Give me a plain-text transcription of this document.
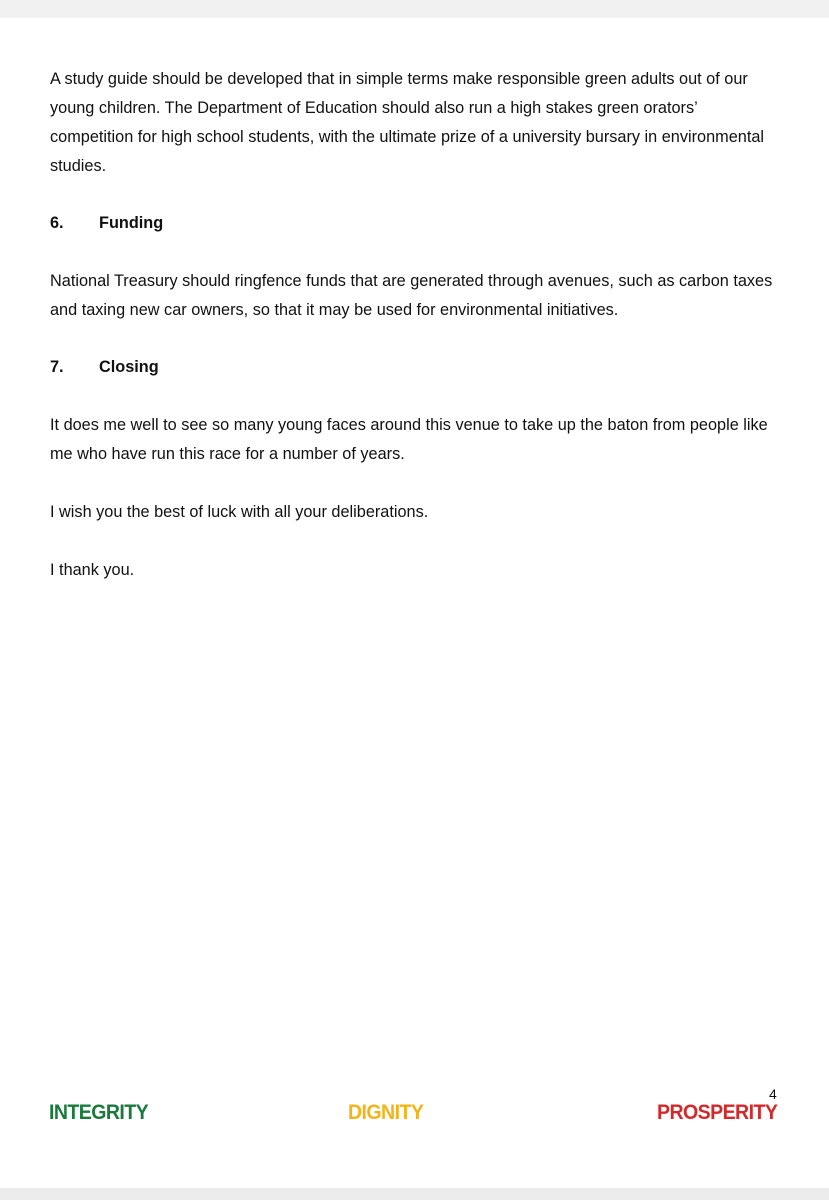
A study guide should be developed that in simple terms make responsible green adults out of our young children. The Department of Education should also run a high stakes green orators’ competition for high school students, with the ultimate prize of a university bursary in environmental studies.

6. Funding

National Treasury should ringfence funds that are generated through avenues, such as carbon taxes and taxing new car owners, so that it may be used for environmental initiatives.

7. Closing

It does me well to see so many young faces around this venue to take up the baton from people like me who have run this race for a number of years.

I wish you the best of luck with all your deliberations.

I thank you.

4
INTEGRITY	DIGNITY	PROSPERITY
